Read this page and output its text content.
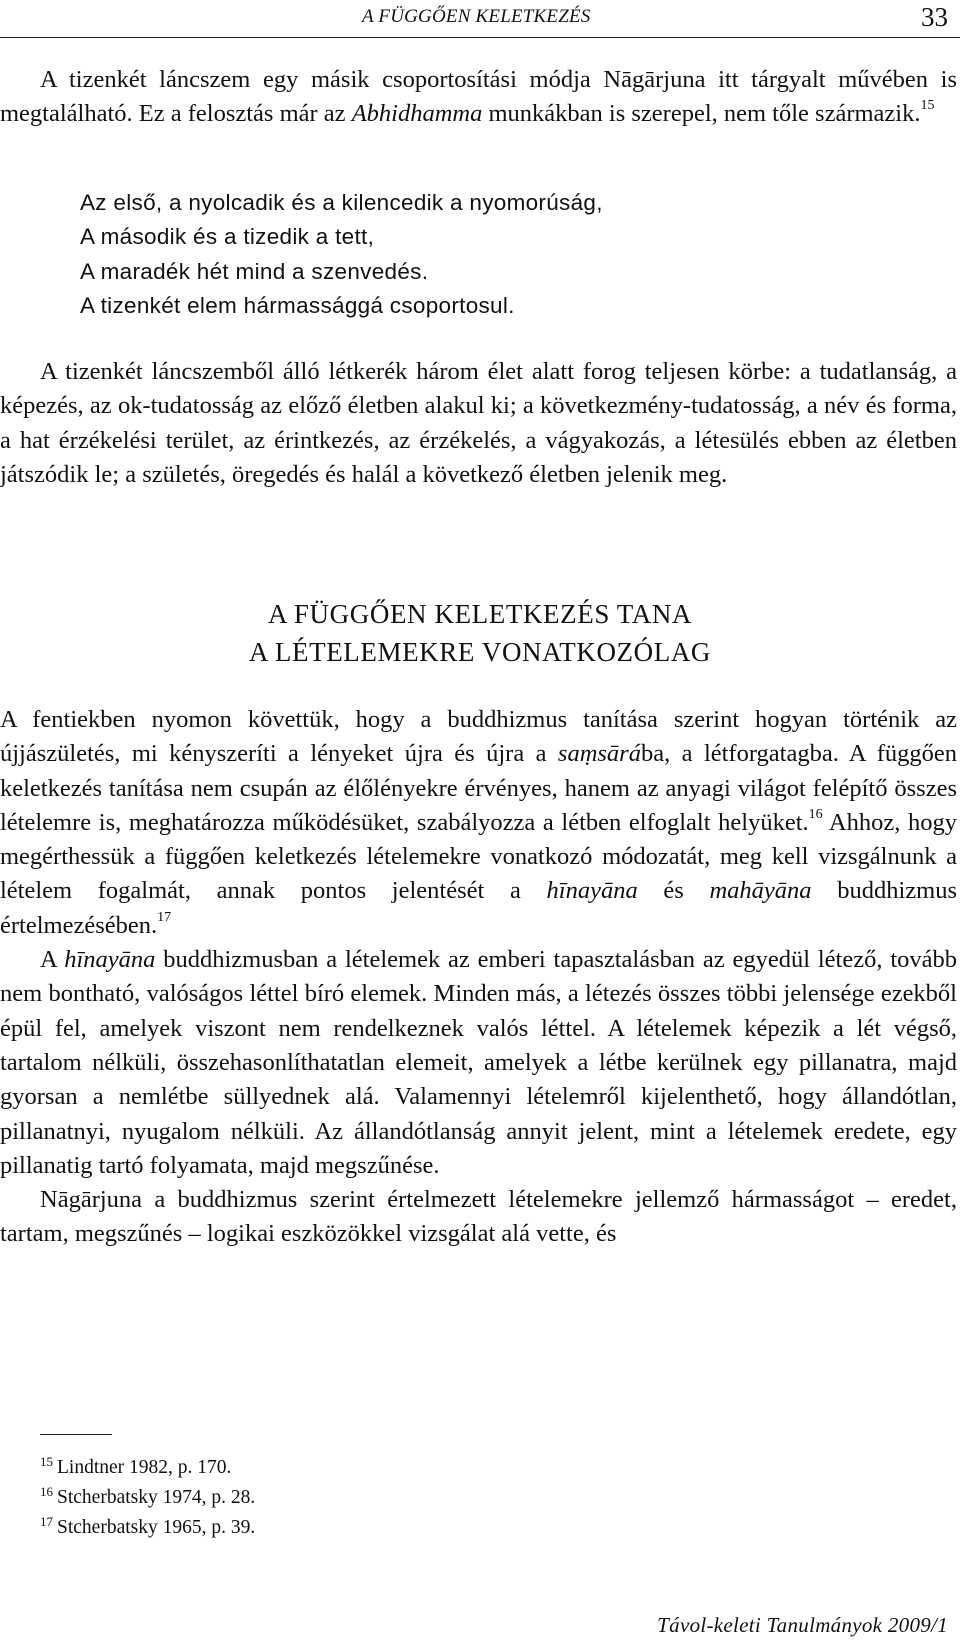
A FÜGGŐEN KELETKEZÉS	33

A tizenkét láncszem egy másik csoportosítási módja Nāgārjuna itt tárgyalt művében is megtalálható. Ez a felosztás már az Abhidhamma munkákban is szerepel, nem tőle származik.$^{15}$

Az első, a nyolcadik és a kilencedik a nyomorúság,
A második és a tizedik a tett,
A maradék hét mind a szenvedés.
A tizenkét elem hármassággá csoportosul.

A tizenkét láncszemből álló létkerék három élet alatt forog teljesen körbe: a tudatlanság, a képezés, az ok-tudatosság az előző életben alakul ki; a következmény-tudatosság, a név és forma, a hat érzékelési terület, az érintkezés, az érzékelés, a vágyakozás, a létesülés ebben az életben játszódik le; a születés, öregedés és halál a következő életben jelenik meg.

A FÜGGŐEN KELETKEZÉS TANA
A LÉTELEMEKRE VONATKOZÓLAG

A fentiekben nyomon követtük, hogy a buddhizmus tanítása szerint hogyan történik az újjászületés, mi kényszeríti a lényeket újra és újra a saṃsārába, a létforgatagba. A függően keletkezés tanítása nem csupán az élőlényekre érvényes, hanem az anyagi világot felépítő összes lételemre is, meghatározza működésüket, szabályozza a létben elfoglalt helyüket.$^{16}$ Ahhoz, hogy megérthessük a függően keletkezés lételemekre vonatkozó módozatát, meg kell vizsgálnunk a lételem fogalmát, annak pontos jelentését a hīnayāna és mahāyāna buddhizmus értelmezésében.$^{17}$

A hīnayāna buddhizmusban a lételemek az emberi tapasztalásban az egyedül létező, tovább nem bontható, valóságos léttel bíró elemek. Minden más, a létezés összes többi jelensége ezekből épül fel, amelyek viszont nem rendelkeznek valós léttel. A lételemek képezik a lét végső, tartalom nélküli, összehasonlíthatatlan elemeit, amelyek a létbe kerülnek egy pillanatra, majd gyorsan a nemlétbe süllyednek alá. Valamennyi lételemről kijelenthető, hogy állandótlan, pillanatnyi, nyugalom nélküli. Az állandótlanság annyit jelent, mint a lételemek eredete, egy pillanatig tartó folyamata, majd megszűnése.

Nāgārjuna a buddhizmus szerint értelmezett lételemekre jellemző hármasságot – eredet, tartam, megszűnés – logikai eszközökkel vizsgálat alá vette, és

$^{15}$ Lindtner 1982, p. 170.
$^{16}$ Stcherbatsky 1974, p. 28.
$^{17}$ Stcherbatsky 1965, p. 39.
Távol-keleti Tanulmányok 2009/1
